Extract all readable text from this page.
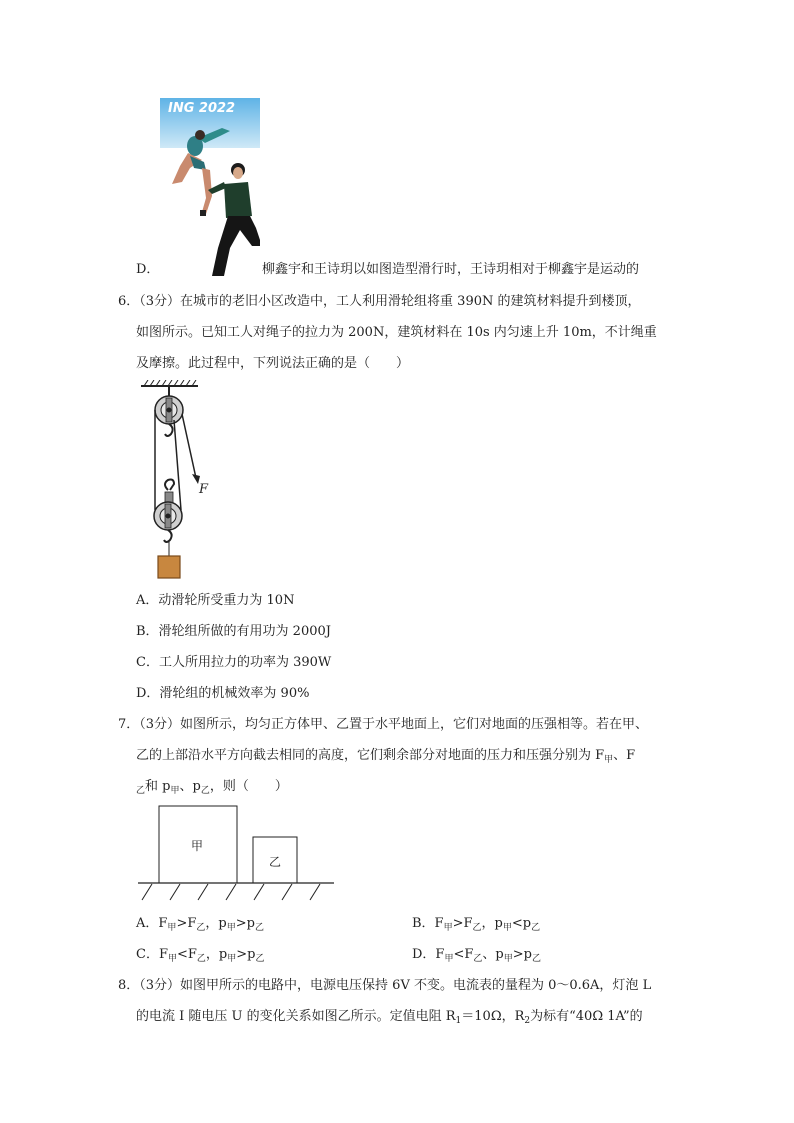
ING 2022
D．	柳鑫宇和王诗玥以如图造型滑行时，王诗玥相对于柳鑫宇是运动的
6．（3分）在城市的老旧小区改造中，工人利用滑轮组将重 390N 的建筑材料提升到楼顶，
如图所示。已知工人对绳子的拉力为 200N，建筑材料在 10s 内匀速上升 10m，不计绳重
及摩擦。此过程中，下列说法正确的是（　　）
F
A．动滑轮所受重力为 10N
B．滑轮组所做的有用功为 2000J
C．工人所用拉力的功率为 390W
D．滑轮组的机械效率为 90%
7．（3分）如图所示，均匀正方体甲、乙置于水平地面上，它们对地面的压强相等。若在甲、
乙的上部沿水平方向截去相同的高度，它们剩余部分对地面的压力和压强分别为 $F_甲$、F
$_乙$和 $p_甲$、$p_乙$，则（　　）
甲
乙
A．$F_甲>F_乙$，$p_甲>p_乙$	B．$F_甲>F_乙$，$p_甲<p_乙$
C．$F_甲<F_乙$，$p_甲>p_乙$	D．$F_甲<F_乙$、$p_甲>p_乙$
8．（3分）如图甲所示的电路中，电源电压保持 6V 不变。电流表的量程为 0～0.6A，灯泡 L
的电流 I 随电压 U 的变化关系如图乙所示。定值电阻 $R_1=10\Omega$，$R_2$为标有“40Ω 1A”的
